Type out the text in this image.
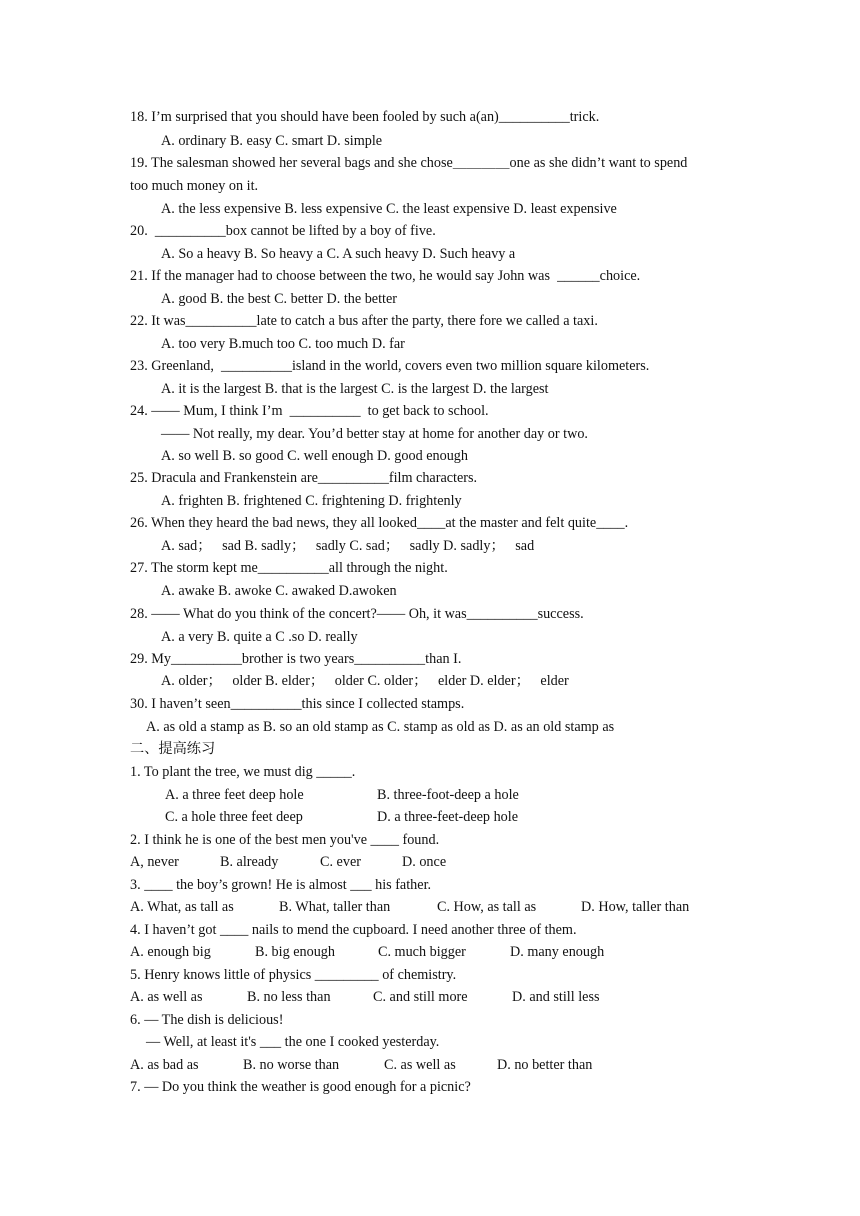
18. I’m surprised that you should have been fooled by such a(an)__________trick.
A. ordinary B. easy C. smart D. simple
19. The salesman showed her several bags and she chose＿＿＿＿one as she didn’t want to spend
too much money on it.
A. the less expensive B. less expensive C. the least expensive D. least expensive
20.  __________box cannot be lifted by a boy of five.
A. So a heavy B. So heavy a C. A such heavy D. Such heavy a
21. If the manager had to choose between the two, he would say John was  ______choice.
A. good B. the best C. better D. the better
22. It was__________late to catch a bus after the party, there fore we called a taxi.
A. too very B.much too C. too much D. far
23. Greenland,  __________island in the world, covers even two million square kilometers.
A. it is the largest B. that is the largest C. is the largest D. the largest
24. —— Mum, I think I’m  __________  to get back to school.
—— Not really, my dear. You’d better stay at home for another day or two.
A. so well B. so good C. well enough D. good enough
25. Dracula and Frankenstein are__________film characters.
A. frighten B. frightened C. frightening D. frightenly
26. When they heard the bad news, they all looked____at the master and felt quite____.
A. sad；   sad B. sadly；   sadly C. sad；   sadly D. sadly；   sad
27. The storm kept me__________all through the night.
A. awake B. awoke C. awaked D.awoken
28. —— What do you think of the concert?—— Oh, it was__________success.
A. a very B. quite a C .so D. really
29. My__________brother is two years__________than I.
A. older；   older B. elder；   older C. older；   elder D. elder；   elder
30. I haven’t seen__________this since I collected stamps.
A. as old a stamp as B. so an old stamp as C. stamp as old as D. as an old stamp as
二、提高练习
1. To plant the tree, we must dig _____.
A. a three feet deep hole	B. three-foot-deep a hole
C. a hole three feet deep	D. a three-feet-deep hole
2. I think he is one of the best men you've ____ found.
A, never	B. already	C. ever	D. once
3. ____ the boy’s grown! He is almost ___ his father.
A. What, as tall as	B. What, taller than	C. How, as tall as	D. How, taller than
4. I haven’t got ____ nails to mend the cupboard. I need another three of them.
A. enough big	B. big enough	C. much bigger	D. many enough
5. Henry knows little of physics _________ of chemistry.
A. as well as	B. no less than	C. and still more	D. and still less
6. — The dish is delicious!
— Well, at least it's ___ the one I cooked yesterday.
A. as bad as	B. no worse than	C. as well as	D. no better than
7. — Do you think the weather is good enough for a picnic?
